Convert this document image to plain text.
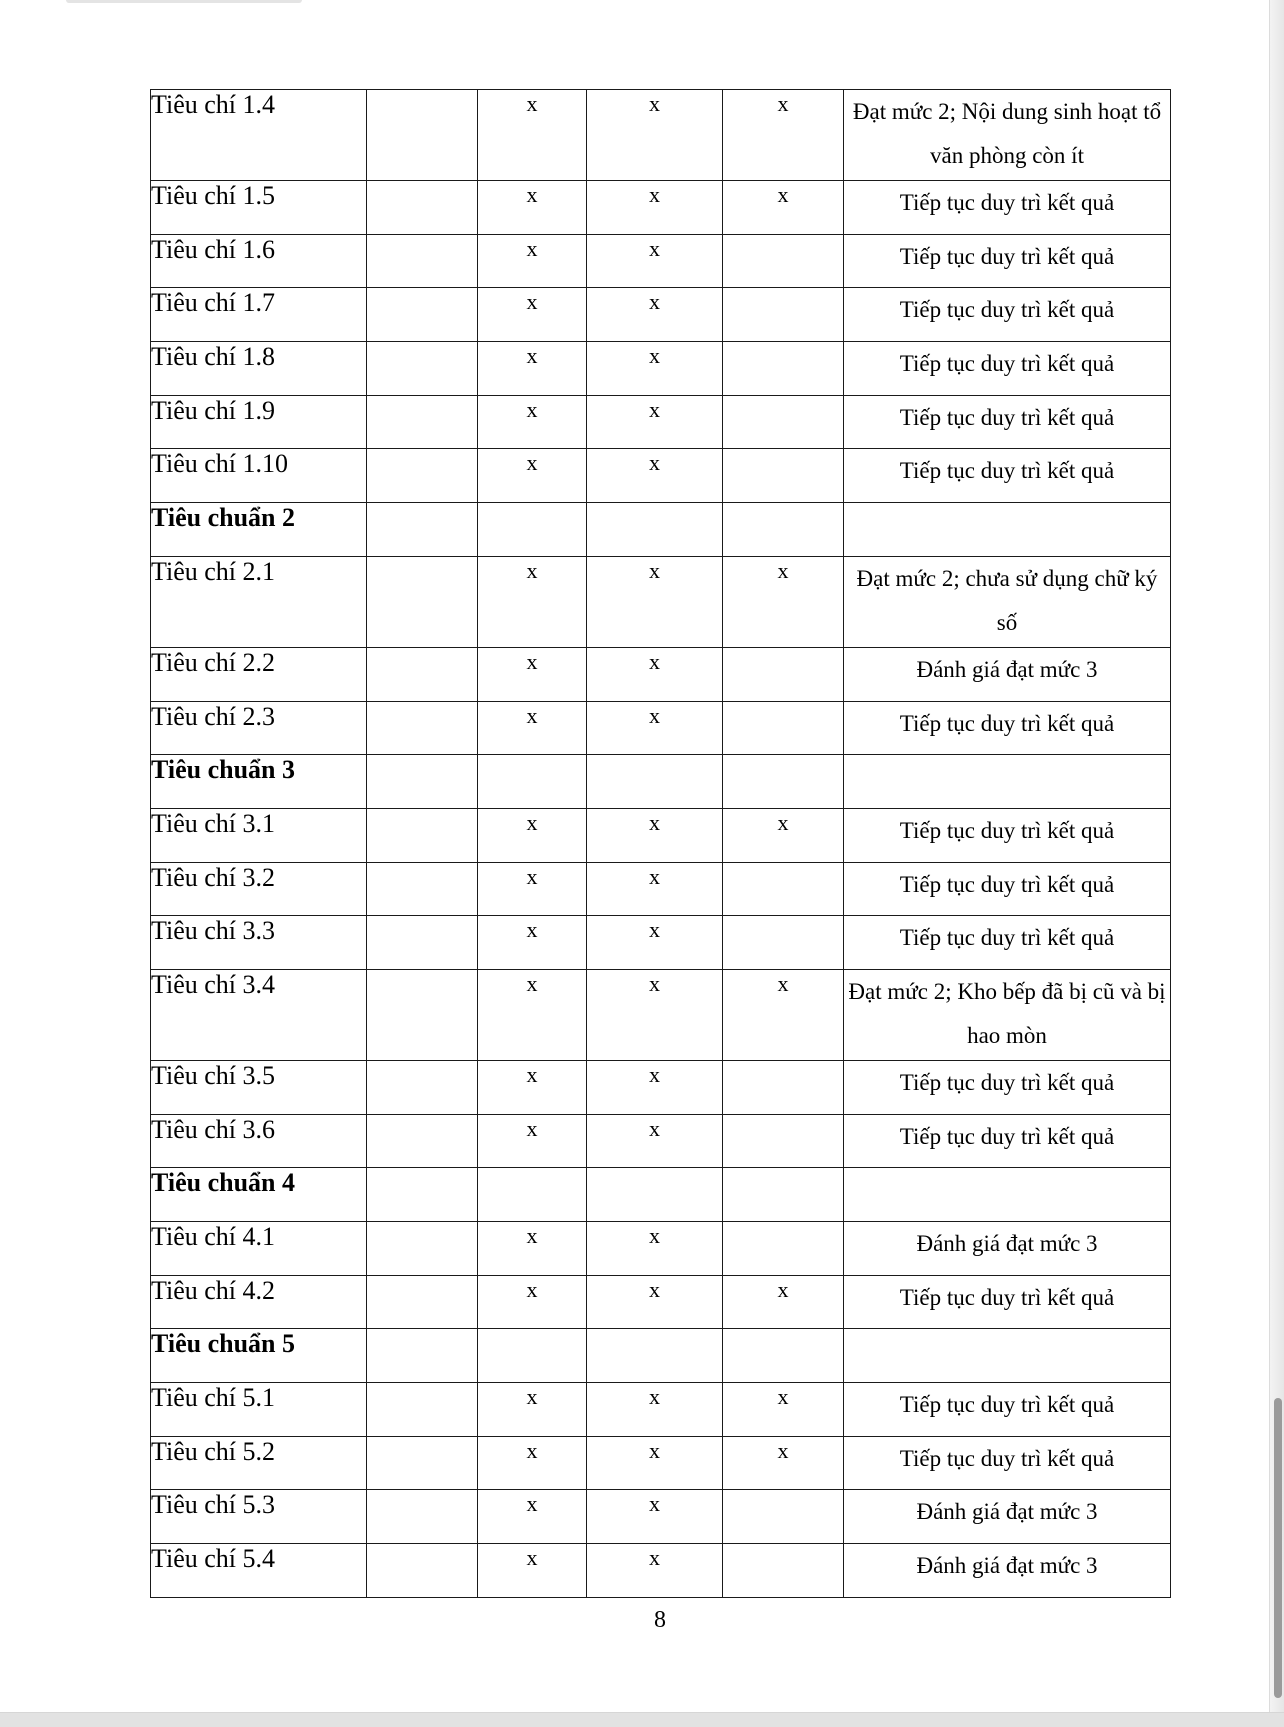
Tiêu chí 1.4		x	x	x	Đạt mức 2; Nội dung sinh hoạt tổ văn phòng còn ít
Tiêu chí 1.5		x	x	x	Tiếp tục duy trì kết quả
Tiêu chí 1.6		x	x		Tiếp tục duy trì kết quả
Tiêu chí 1.7		x	x		Tiếp tục duy trì kết quả
Tiêu chí 1.8		x	x		Tiếp tục duy trì kết quả
Tiêu chí 1.9		x	x		Tiếp tục duy trì kết quả
Tiêu chí 1.10		x	x		Tiếp tục duy trì kết quả
Tiêu chuẩn 2					
Tiêu chí 2.1		x	x	x	Đạt mức 2; chưa sử dụng chữ ký số
Tiêu chí 2.2		x	x		Đánh giá đạt mức 3
Tiêu chí 2.3		x	x		Tiếp tục duy trì kết quả
Tiêu chuẩn 3					
Tiêu chí 3.1		x	x	x	Tiếp tục duy trì kết quả
Tiêu chí 3.2		x	x		Tiếp tục duy trì kết quả
Tiêu chí 3.3		x	x		Tiếp tục duy trì kết quả
Tiêu chí 3.4		x	x	x	Đạt mức 2; Kho bếp đã bị cũ và bị hao mòn
Tiêu chí 3.5		x	x		Tiếp tục duy trì kết quả
Tiêu chí 3.6		x	x		Tiếp tục duy trì kết quả
Tiêu chuẩn 4					
Tiêu chí 4.1		x	x		Đánh giá đạt mức 3
Tiêu chí 4.2		x	x	x	Tiếp tục duy trì kết quả
Tiêu chuẩn 5					
Tiêu chí 5.1		x	x	x	Tiếp tục duy trì kết quả
Tiêu chí 5.2		x	x	x	Tiếp tục duy trì kết quả
Tiêu chí 5.3		x	x		Đánh giá đạt mức 3
Tiêu chí 5.4		x	x		Đánh giá đạt mức 3
8
